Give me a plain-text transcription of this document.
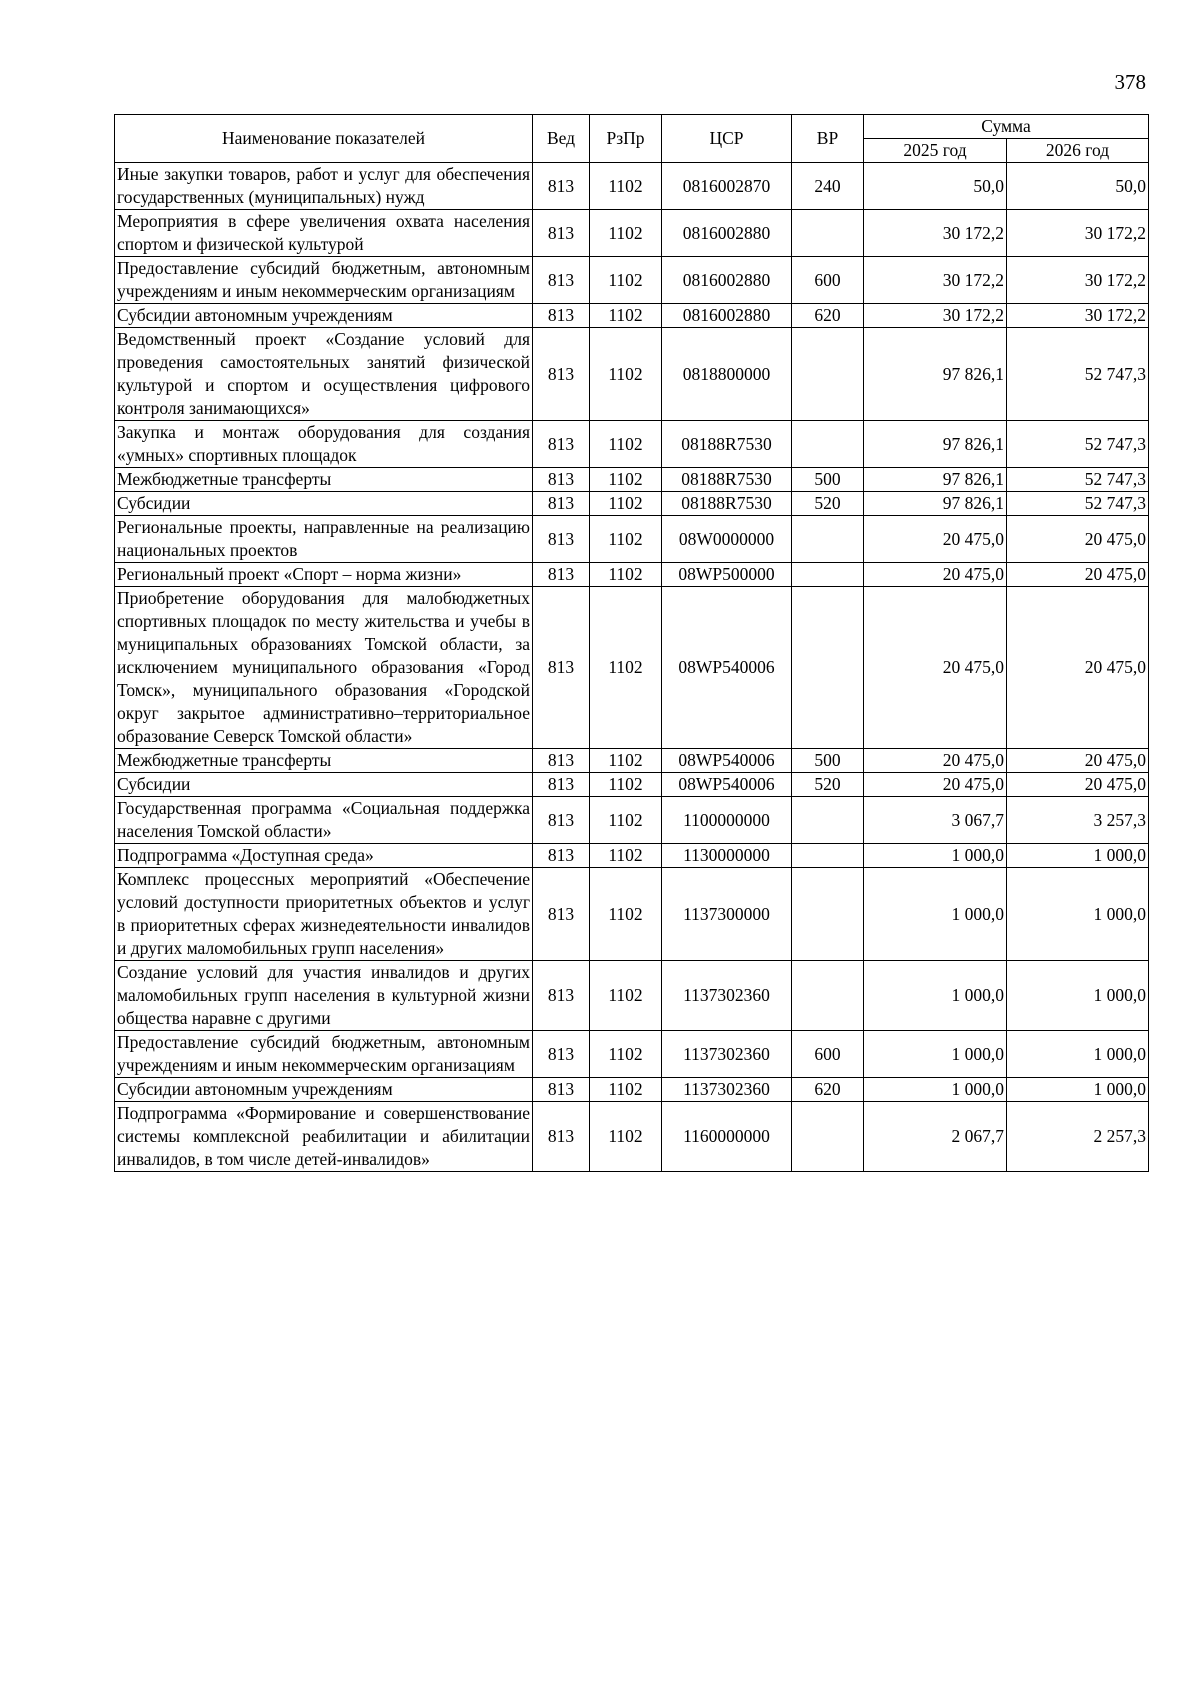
378
Наименование показателей	Вед	РзПр	ЦСР	ВР	Сумма	
					2025 год	2026 год
Иные закупки товаров, работ и услуг для обеспечения государственных (муниципальных) нужд	813	1102	0816002870	240	50,0	50,0
Мероприятия в сфере увеличения охвата населения спортом и физической культурой	813	1102	0816002880		30 172,2	30 172,2
Предоставление субсидий бюджетным, автономным учреждениям и иным некоммерческим организациям	813	1102	0816002880	600	30 172,2	30 172,2
Субсидии автономным учреждениям	813	1102	0816002880	620	30 172,2	30 172,2
Ведомственный проект «Создание условий для проведения самостоятельных занятий физической культурой и спортом и осуществления цифрового контроля занимающихся»	813	1102	0818800000		97 826,1	52 747,3
Закупка и монтаж оборудования для создания «умных» спортивных площадок	813	1102	08188R7530		97 826,1	52 747,3
Межбюджетные трансферты	813	1102	08188R7530	500	97 826,1	52 747,3
Субсидии	813	1102	08188R7530	520	97 826,1	52 747,3
Региональные проекты, направленные на реализацию национальных проектов	813	1102	08W0000000		20 475,0	20 475,0
Региональный проект «Спорт – норма жизни»	813	1102	08WP500000		20 475,0	20 475,0
Приобретение оборудования для малобюджетных спортивных площадок по месту жительства и учебы в муниципальных образованиях Томской области, за исключением муниципального образования «Город Томск», муниципального образования «Городской округ закрытое административно–территориальное образование Северск Томской области»	813	1102	08WP540006		20 475,0	20 475,0
Межбюджетные трансферты	813	1102	08WP540006	500	20 475,0	20 475,0
Субсидии	813	1102	08WP540006	520	20 475,0	20 475,0
Государственная программа «Социальная поддержка населения Томской области»	813	1102	1100000000		3 067,7	3 257,3
Подпрограмма «Доступная среда»	813	1102	1130000000		1 000,0	1 000,0
Комплекс процессных мероприятий «Обеспечение условий доступности приоритетных объектов и услуг в приоритетных сферах жизнедеятельности инвалидов и других маломобильных групп населения»	813	1102	1137300000		1 000,0	1 000,0
Создание условий для участия инвалидов и других маломобильных групп населения в культурной жизни общества наравне с другими	813	1102	1137302360		1 000,0	1 000,0
Предоставление субсидий бюджетным, автономным учреждениям и иным некоммерческим организациям	813	1102	1137302360	600	1 000,0	1 000,0
Субсидии автономным учреждениям	813	1102	1137302360	620	1 000,0	1 000,0
Подпрограмма «Формирование и совершенствование системы комплексной реабилитации и абилитации инвалидов, в том числе детей-инвалидов»	813	1102	1160000000		2 067,7	2 257,3
